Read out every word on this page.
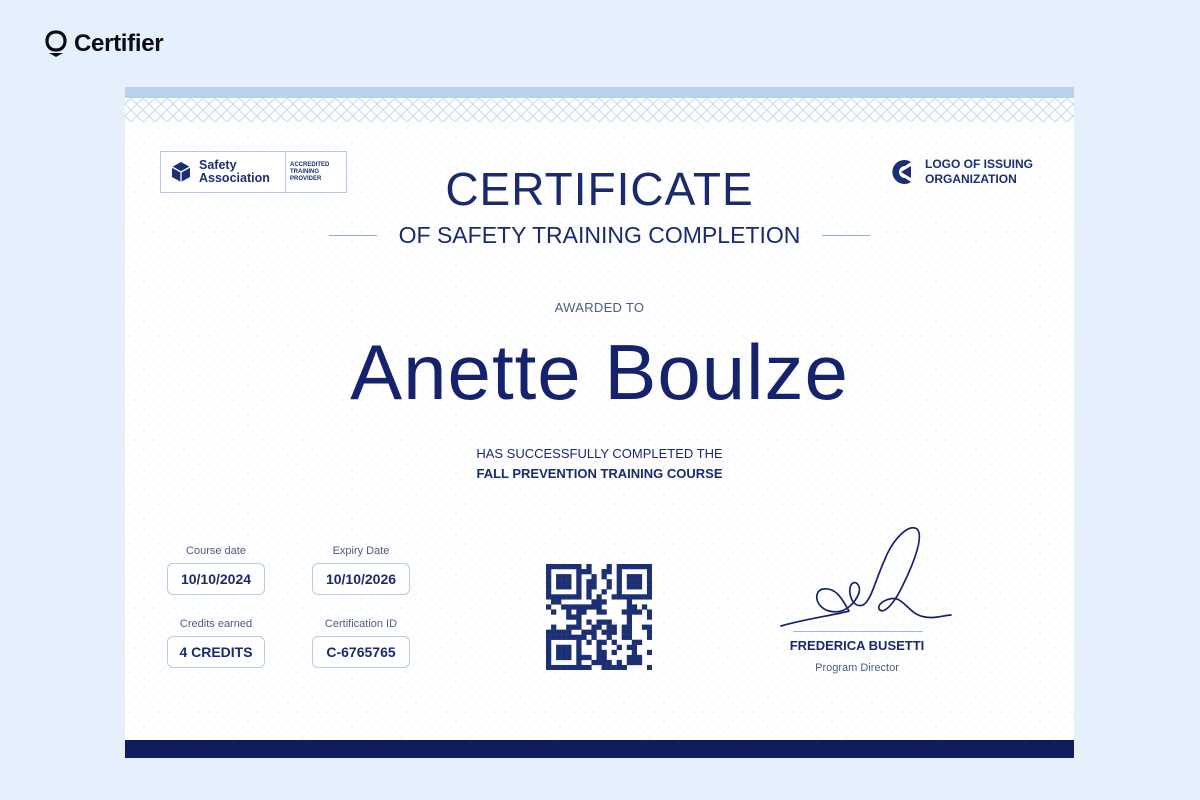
Certifier
Safety
Association
ACCREDITED
TRAINING
PROVIDER
LOGO OF ISSUING
ORGANIZATION
CERTIFICATE
OF SAFETY TRAINING COMPLETION
AWARDED TO
Anette Boulze
HAS SUCCESSFULLY COMPLETED THE
FALL PREVENTION TRAINING COURSE
Course date
10/10/2024
Expiry Date
10/10/2026
Credits earned
4 CREDITS
Certification ID
C-6765765	FREDERICA BUSETTI
Program Director
